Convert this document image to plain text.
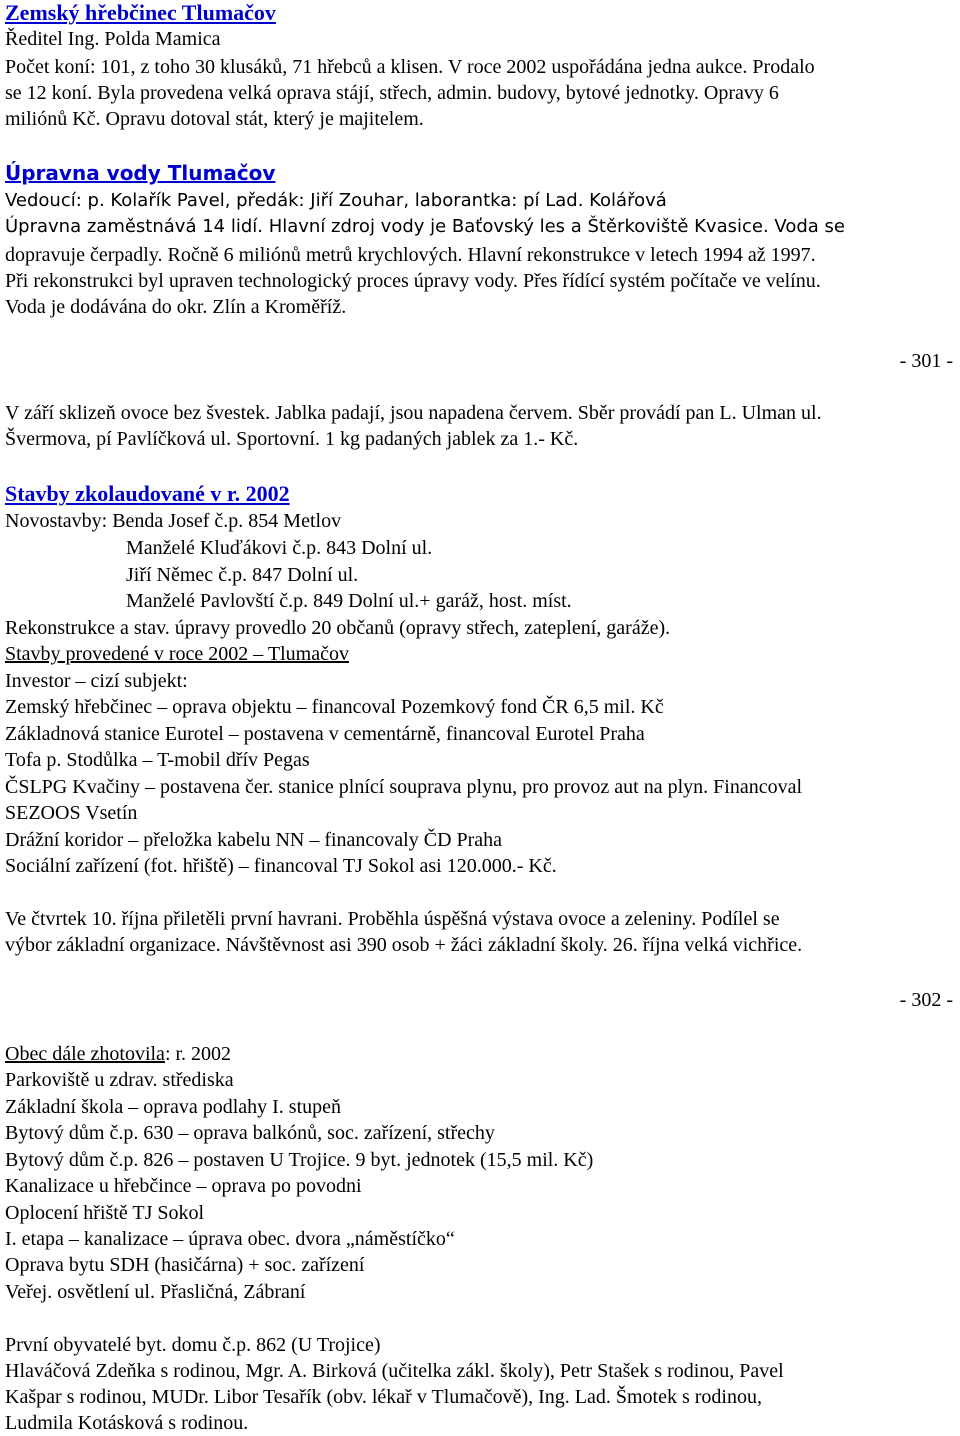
Zemský hřebčinec Tlumačov
Ředitel Ing. Polda Mamica
Počet koní: 101, z toho 30 klusáků, 71 hřebců a klisen. V roce 2002 uspořádána jedna aukce. Prodalo
se 12 koní. Byla provedena velká oprava stájí, střech, admin. budovy, bytové jednotky. Opravy 6
miliónů Kč. Opravu dotoval stát, který je majitelem.
Úpravna vody Tlumačov
Vedoucí: p. Kolařík Pavel, předák: Jiří Zouhar, laborantka: pí Lad. Kolářová
Úpravna zaměstnává 14 lidí. Hlavní zdroj vody je Baťovský les a Štěrkoviště Kvasice. Voda se
dopravuje čerpadly. Ročně 6 miliónů metrů krychlových. Hlavní rekonstrukce v letech 1994 až 1997.
Při rekonstrukci byl upraven technologický proces úpravy vody. Přes řídící systém počítače ve velínu.
Voda je dodávána do okr. Zlín a Kroměříž.
- 301 -
V září sklizeň ovoce bez švestek. Jablka padají, jsou napadena červem. Sběr provádí pan L. Ulman ul.
Švermova, pí Pavlíčková ul. Sportovní. 1 kg padaných jablek za 1.- Kč.
Stavby zkolaudované v r. 2002
Novostavby: Benda Josef č.p. 854 Metlov
Manželé Kluďákovi č.p. 843 Dolní ul.
Jiří Němec č.p. 847 Dolní ul.
Manželé Pavlovští č.p. 849 Dolní ul.+ garáž, host. míst.
Rekonstrukce a stav. úpravy provedlo 20 občanů (opravy střech, zateplení, garáže).
Stavby provedené v roce 2002 – Tlumačov
Investor – cizí subjekt:
Zemský hřebčinec – oprava objektu – financoval Pozemkový fond ČR 6,5 mil. Kč
Základnová stanice Eurotel – postavena v cementárně, financoval Eurotel Praha
Tofa p. Stodůlka – T-mobil dřív Pegas
ČSLPG Kvačiny – postavena čer. stanice plnící souprava plynu, pro provoz aut na plyn. Financoval
SEZOOS Vsetín
Drážní koridor – přeložka kabelu NN – financovaly ČD Praha
Sociální zařízení (fot. hřiště) – financoval TJ Sokol asi 120.000.- Kč.
Ve čtvrtek 10. října přiletěli první havrani. Proběhla úspěšná výstava ovoce a zeleniny. Podílel se
výbor základní organizace. Návštěvnost asi 390 osob + žáci základní školy. 26. října velká vichřice.
- 302 -
Obec dále zhotovila: r. 2002
Parkoviště u zdrav. střediska
Základní škola – oprava podlahy I. stupeň
Bytový dům č.p. 630 – oprava balkónů, soc. zařízení, střechy
Bytový dům č.p. 826 – postaven U Trojice. 9 byt. jednotek (15,5 mil. Kč)
Kanalizace u hřebčince – oprava po povodni
Oplocení hřiště TJ Sokol
I. etapa – kanalizace – úprava obec. dvora „náměstíčko“
Oprava bytu SDH (hasičárna) + soc. zařízení
Veřej. osvětlení ul. Přasličná, Zábraní
První obyvatelé byt. domu č.p. 862 (U Trojice)
Hlaváčová Zdeňka s rodinou, Mgr. A. Birková (učitelka zákl. školy), Petr Stašek s rodinou, Pavel
Kašpar s rodinou, MUDr. Libor Tesařík (obv. lékař v Tlumačově), Ing. Lad. Šmotek s rodinou,
Ludmila Kotásková s rodinou.
